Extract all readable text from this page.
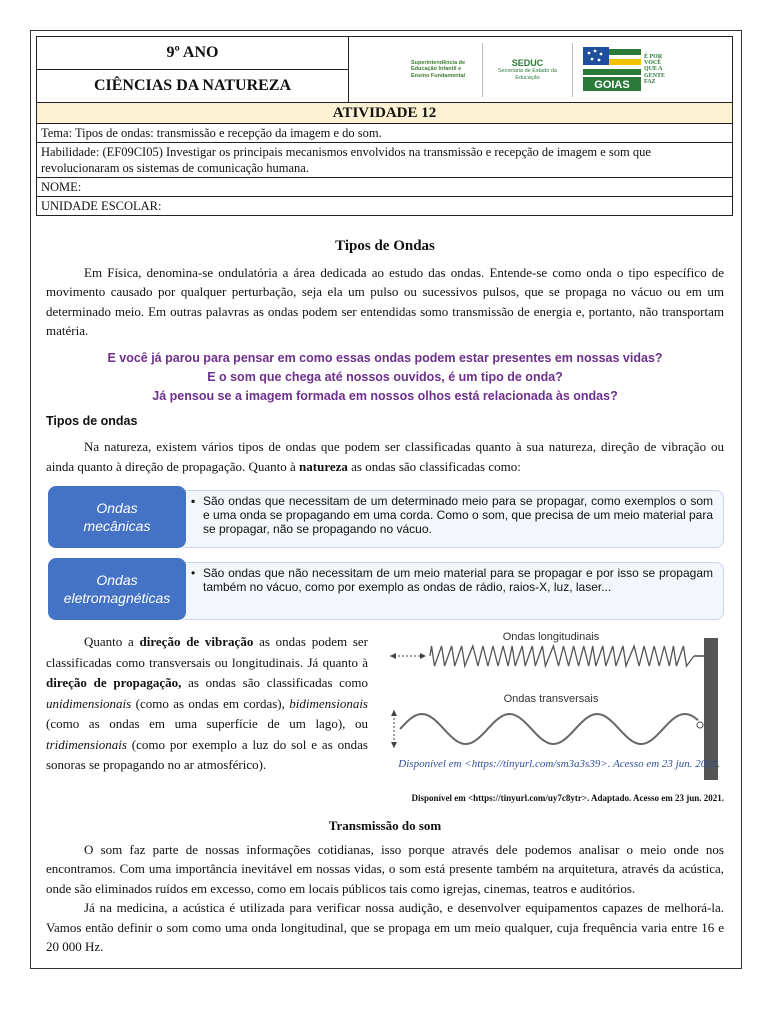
9º ANO
CIÊNCIAS DA NATUREZA
Superintendência de Educação Infantil e Ensino Fundamental
SEDUC
Secretaria de Estado da Educação
GOIAS
É POR VOCÊ QUE A GENTE FAZ
ATIVIDADE 12
Tema: Tipos de ondas: transmissão e recepção da imagem e do som.
Habilidade: (EF09CI05) Investigar os principais mecanismos envolvidos na transmissão e recepção de imagem e som que revolucionaram os sistemas de comunicação humana.
NOME:
UNIDADE ESCOLAR:
Tipos de Ondas

Em Física, denomina-se ondulatória a área dedicada ao estudo das ondas. Entende-se como onda o tipo específico de movimento causado por qualquer perturbação, seja ela um pulso ou sucessivos pulsos, que se propaga no vácuo ou em um determinado meio. Em outras palavras as ondas podem ser entendidas somo transmissão de energia e, portanto, não transportam matéria.

E você já parou para pensar em como essas ondas podem estar presentes em nossas vidas?
E o som que chega até nossos ouvidos, é um tipo de onda?
Já pensou se a imagem formada em nossos olhos está relacionada às ondas?
Tipos de ondas

Na natureza, existem vários tipos de ondas que podem ser classificadas quanto à sua natureza, direção de vibração ou ainda quanto à direção de propagação. Quanto à natureza as ondas são classificadas como:

Ondas
mecânicas
▪ São ondas que necessitam de um determinado meio para se propagar, como exemplos o som e uma onda se propagando em uma corda. Como o som, que precisa de um meio material para se propagar, não se propagando no vácuo.
Ondas
eletromagnéticas
• São ondas que não necessitam de um meio material para se propagar e por isso se propagam também no vácuo, como por exemplo as ondas de rádio, raios-X, luz, laser...
Quanto a direção de vibração as ondas podem ser classificadas como transversais ou longitudinais. Já quanto à direção de propagação, as ondas são classificadas como unidimensionais (como as ondas em cordas), bidimensionais (como as ondas em uma superfície de um lago), ou tridimensionais (como por exemplo a luz do sol e as ondas sonoras se propagando no ar atmosférico).
Ondas longitudinais
Ondas transversais
Disponível em <https://tinyurl.com/sm3a3s39>. Acesso em 23 jun. 2021.
Disponível em <https://tinyurl.com/uy7c8ytr>. Adaptado. Acesso em 23 jun. 2021.
Transmissão do som

O som faz parte de nossas informações cotidianas, isso porque através dele podemos analisar o meio onde nos encontramos. Com uma importância inevitável em nossas vidas, o som está presente também na arquitetura, através da acústica, onde são eliminados ruídos em excesso, como em locais públicos tais como igrejas, cinemas, teatros e auditórios.

Já na medicina, a acústica é utilizada para verificar nossa audição, e desenvolver equipamentos capazes de melhorá-la. Vamos então definir o som como uma onda longitudinal, que se propaga em um meio qualquer, cuja frequência varia entre 16 e 20 000 Hz.
